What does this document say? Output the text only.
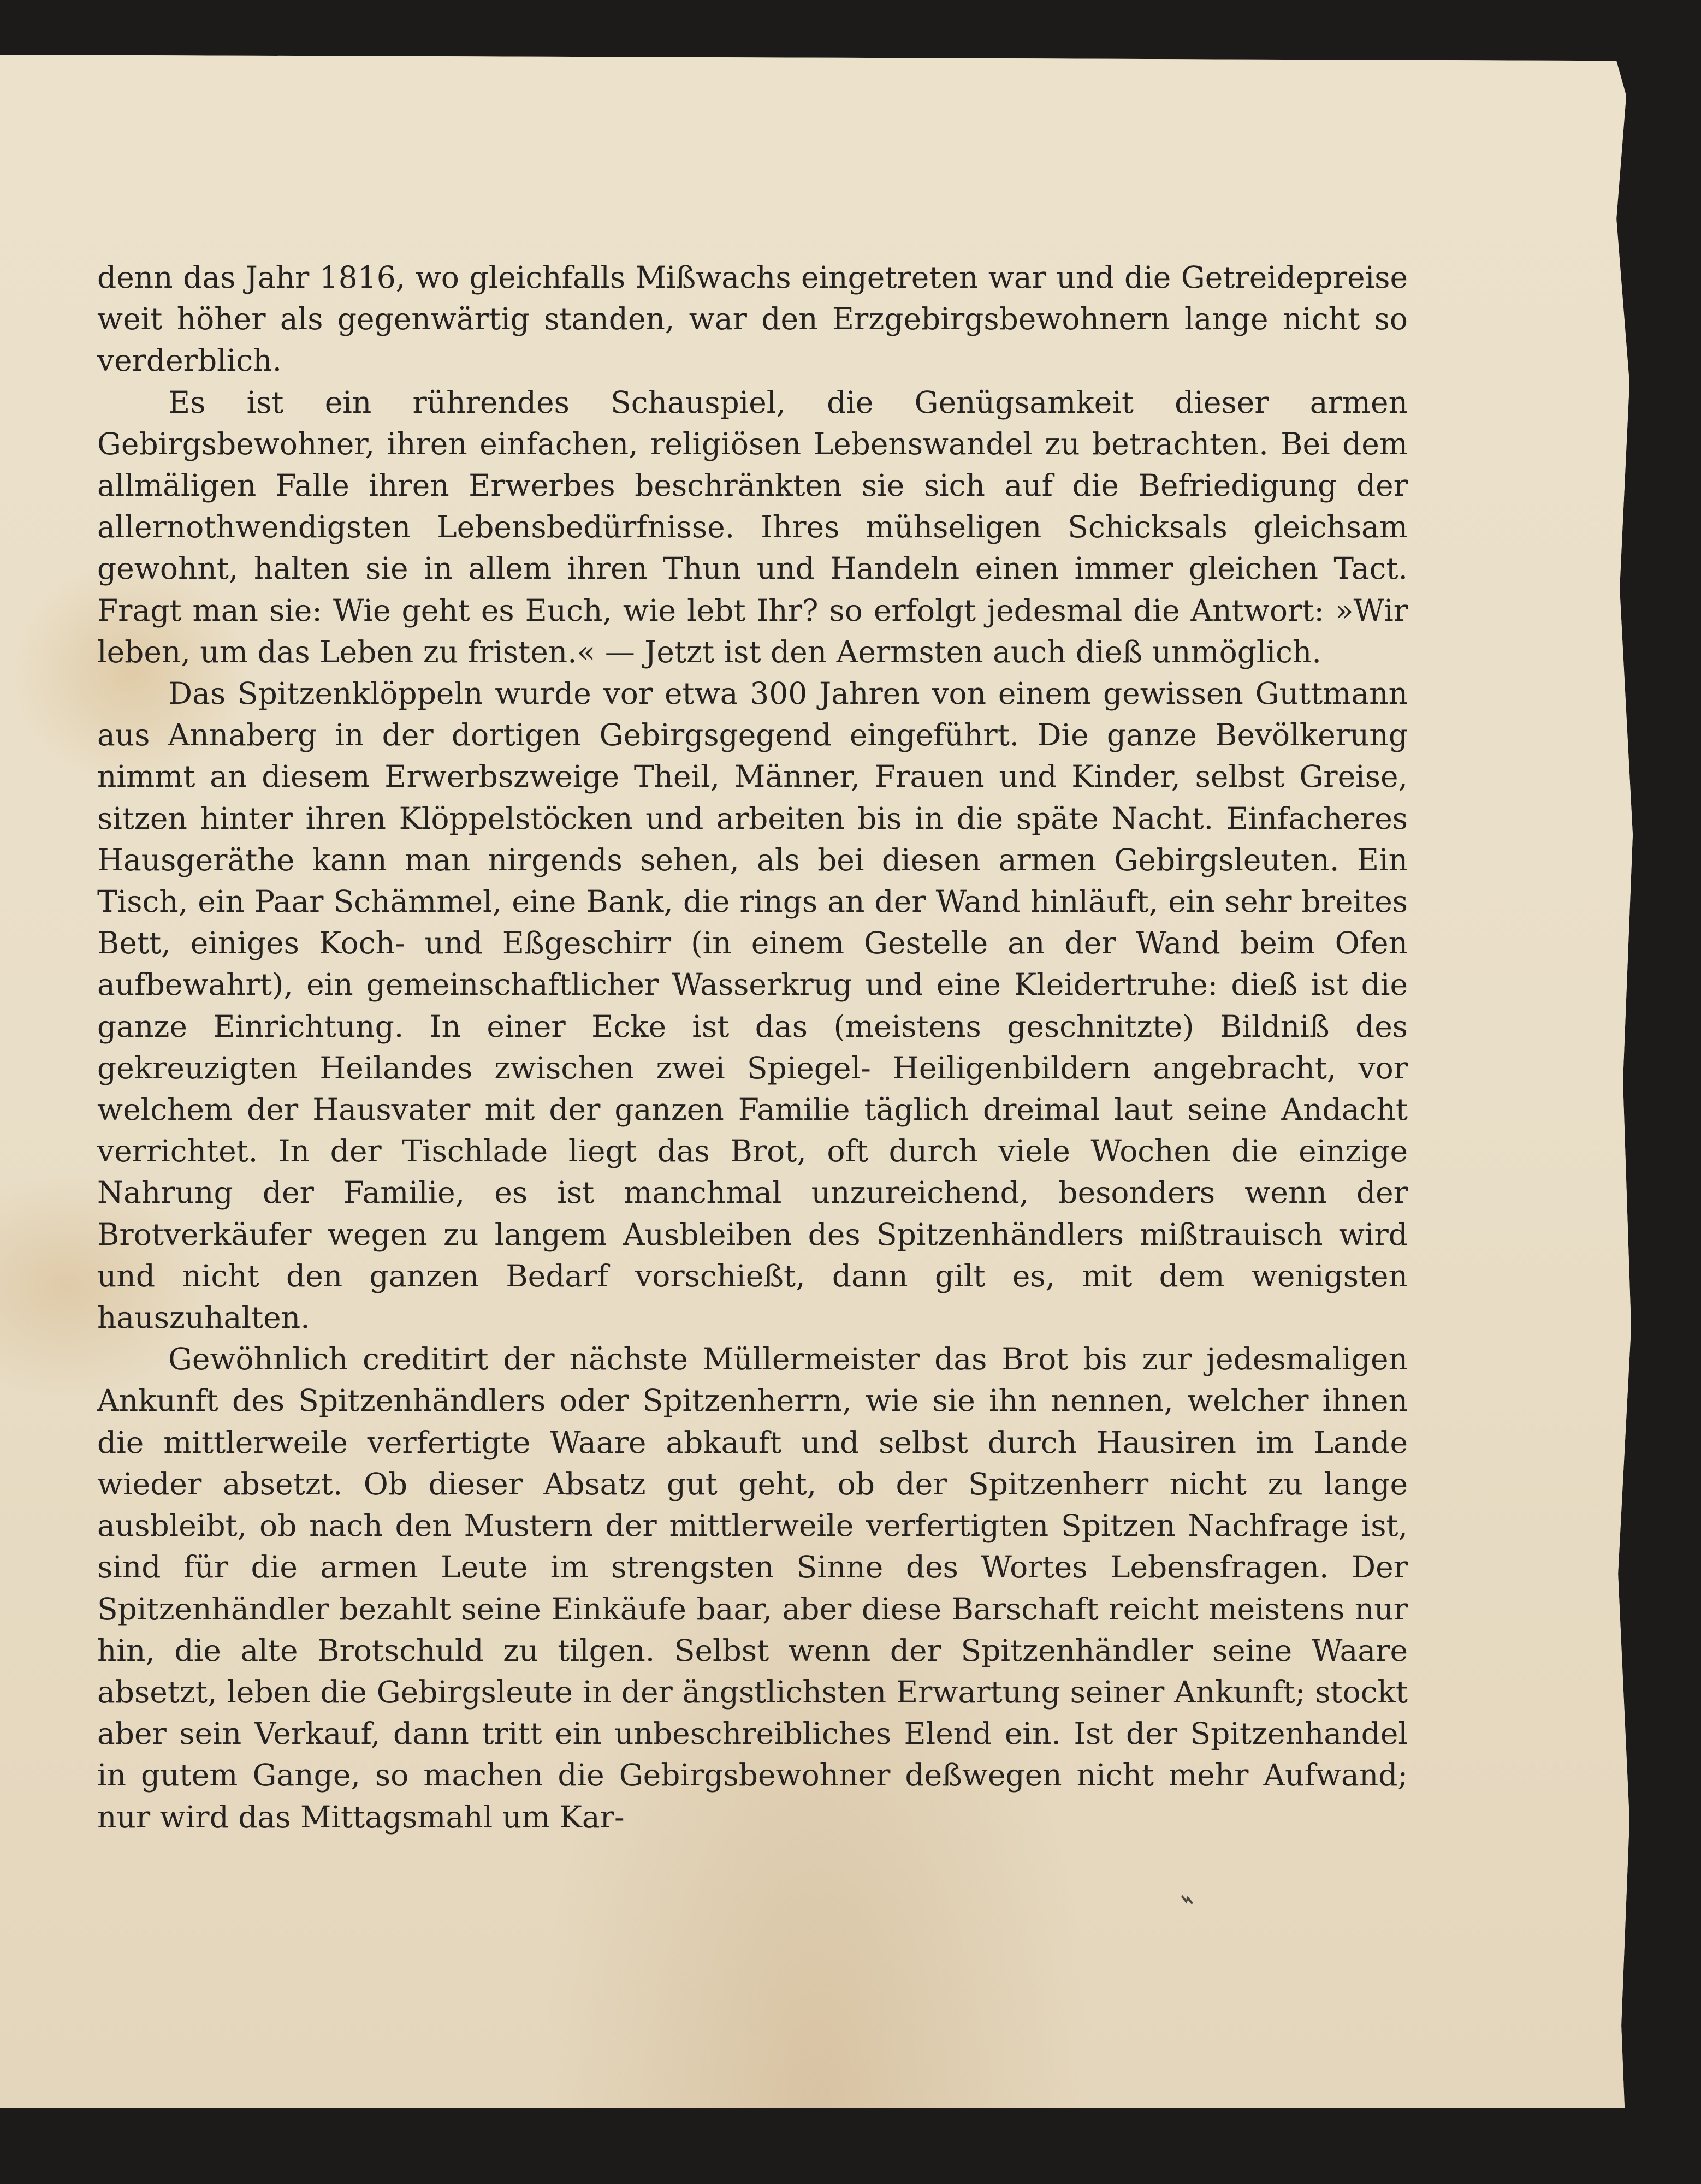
denn das Jahr 1816, wo gleichfalls Mißwachs eingetreten war und die Getreidepreise weit höher als gegenwärtig standen, war den Erzgebirgsbewohnern lange nicht so verderblich.

Es ist ein rührendes Schauspiel, die Genügsamkeit dieser armen Gebirgsbewohner, ihren einfachen, religiösen Lebenswandel zu betrachten. Bei dem allmäligen Falle ihren Erwerbes beschränkten sie sich auf die Befriedigung der allernothwendigsten Lebensbedürfnisse. Ihres mühseligen Schicksals gleichsam gewohnt, halten sie in allem ihren Thun und Handeln einen immer gleichen Tact. Fragt man sie: Wie geht es Euch, wie lebt Ihr? so erfolgt jedesmal die Antwort: »Wir leben, um das Leben zu fristen.« — Jetzt ist den Aermsten auch dieß unmöglich.

Das Spitzenklöppeln wurde vor etwa 300 Jahren von einem gewissen Guttmann aus Annaberg in der dortigen Gebirgsgegend eingeführt. Die ganze Bevölkerung nimmt an diesem Erwerbszweige Theil, Männer, Frauen und Kinder, selbst Greise, sitzen hinter ihren Klöppelstöcken und arbeiten bis in die späte Nacht. Einfacheres Hausgeräthe kann man nirgends sehen, als bei diesen armen Gebirgsleuten. Ein Tisch, ein Paar Schämmel, eine Bank, die rings an der Wand hinläuft, ein sehr breites Bett, einiges Koch- und Eßgeschirr (in einem Gestelle an der Wand beim Ofen aufbewahrt), ein gemeinschaftlicher Wasserkrug und eine Kleidertruhe: dieß ist die ganze Einrichtung. In einer Ecke ist das (meistens geschnitzte) Bildniß des gekreuzigten Heilandes zwischen zwei Spiegel- Heiligenbildern angebracht, vor welchem der Hausvater mit der ganzen Familie täglich dreimal laut seine Andacht verrichtet. In der Tischlade liegt das Brot, oft durch viele Wochen die einzige Nahrung der Familie, es ist manchmal unzureichend, besonders wenn der Brotverkäufer wegen zu langem Ausbleiben des Spitzenhändlers mißtrauisch wird und nicht den ganzen Bedarf vorschießt, dann gilt es, mit dem wenigsten hauszuhalten.

Gewöhnlich creditirt der nächste Müllermeister das Brot bis zur jedesmaligen Ankunft des Spitzenhändlers oder Spitzenherrn, wie sie ihn nennen, welcher ihnen die mittlerweile verfertigte Waare abkauft und selbst durch Hausiren im Lande wieder absetzt. Ob dieser Absatz gut geht, ob der Spitzenherr nicht zu lange ausbleibt, ob nach den Mustern der mittlerweile verfertigten Spitzen Nachfrage ist, sind für die armen Leute im strengsten Sinne des Wortes Lebensfragen. Der Spitzenhändler bezahlt seine Einkäufe baar, aber diese Barschaft reicht meistens nur hin, die alte Brotschuld zu tilgen. Selbst wenn der Spitzenhändler seine Waare absetzt, leben die Gebirgsleute in der ängstlichsten Erwartung seiner Ankunft; stockt aber sein Verkauf, dann tritt ein unbeschreibliches Elend ein. Ist der Spitzenhandel in gutem Gange, so machen die Gebirgsbewohner deßwegen nicht mehr Aufwand; nur wird das Mittagsmahl um Kar-

⌁
